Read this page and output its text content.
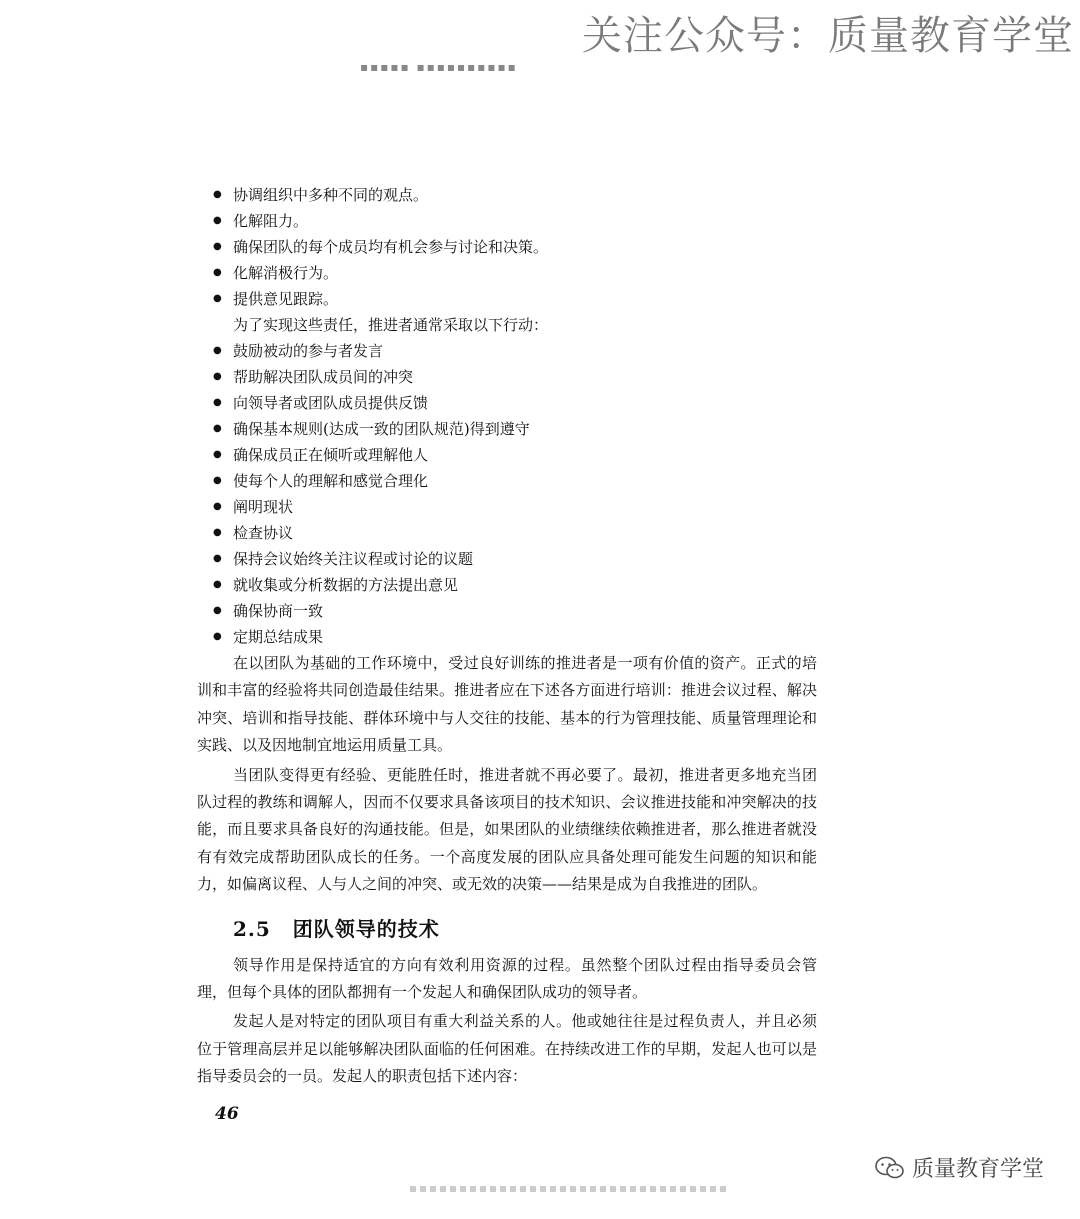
关注公众号：质量教育学堂
▪▪▪▪▪ ▪▪▪▪▪▪▪▪▪▪
● 协调组织中多种不同的观点。
● 化解阻力。
● 确保团队的每个成员均有机会参与讨论和决策。
● 化解消极行为。
● 提供意见跟踪。
为了实现这些责任，推进者通常采取以下行动：
● 鼓励被动的参与者发言
● 帮助解决团队成员间的冲突
● 向领导者或团队成员提供反馈
● 确保基本规则(达成一致的团队规范)得到遵守
● 确保成员正在倾听或理解他人
● 使每个人的理解和感觉合理化
● 阐明现状
● 检查协议
● 保持会议始终关注议程或讨论的议题
● 就收集或分析数据的方法提出意见
● 确保协商一致
● 定期总结成果

在以团队为基础的工作环境中，受过良好训练的推进者是一项有价值的资产。正式的培训和丰富的经验将共同创造最佳结果。推进者应在下述各方面进行培训：推进会议过程、解决冲突、培训和指导技能、群体环境中与人交往的技能、基本的行为管理技能、质量管理理论和实践、以及因地制宜地运用质量工具。

当团队变得更有经验、更能胜任时，推进者就不再必要了。最初，推进者更多地充当团队过程的教练和调解人，因而不仅要求具备该项目的技术知识、会议推进技能和冲突解决的技能，而且要求具备良好的沟通技能。但是，如果团队的业绩继续依赖推进者，那么推进者就没有有效完成帮助团队成长的任务。一个高度发展的团队应具备处理可能发生问题的知识和能力，如偏离议程、人与人之间的冲突、或无效的决策——结果是成为自我推进的团队。

2.5 团队领导的技术

领导作用是保持适宜的方向有效利用资源的过程。虽然整个团队过程由指导委员会管理，但每个具体的团队都拥有一个发起人和确保团队成功的领导者。

发起人是对特定的团队项目有重大利益关系的人。他或她往往是过程负责人，并且必须位于管理高层并足以能够解决团队面临的任何困难。在持续改进工作的早期，发起人也可以是指导委员会的一员。发起人的职责包括下述内容：

46
质量教育学堂
